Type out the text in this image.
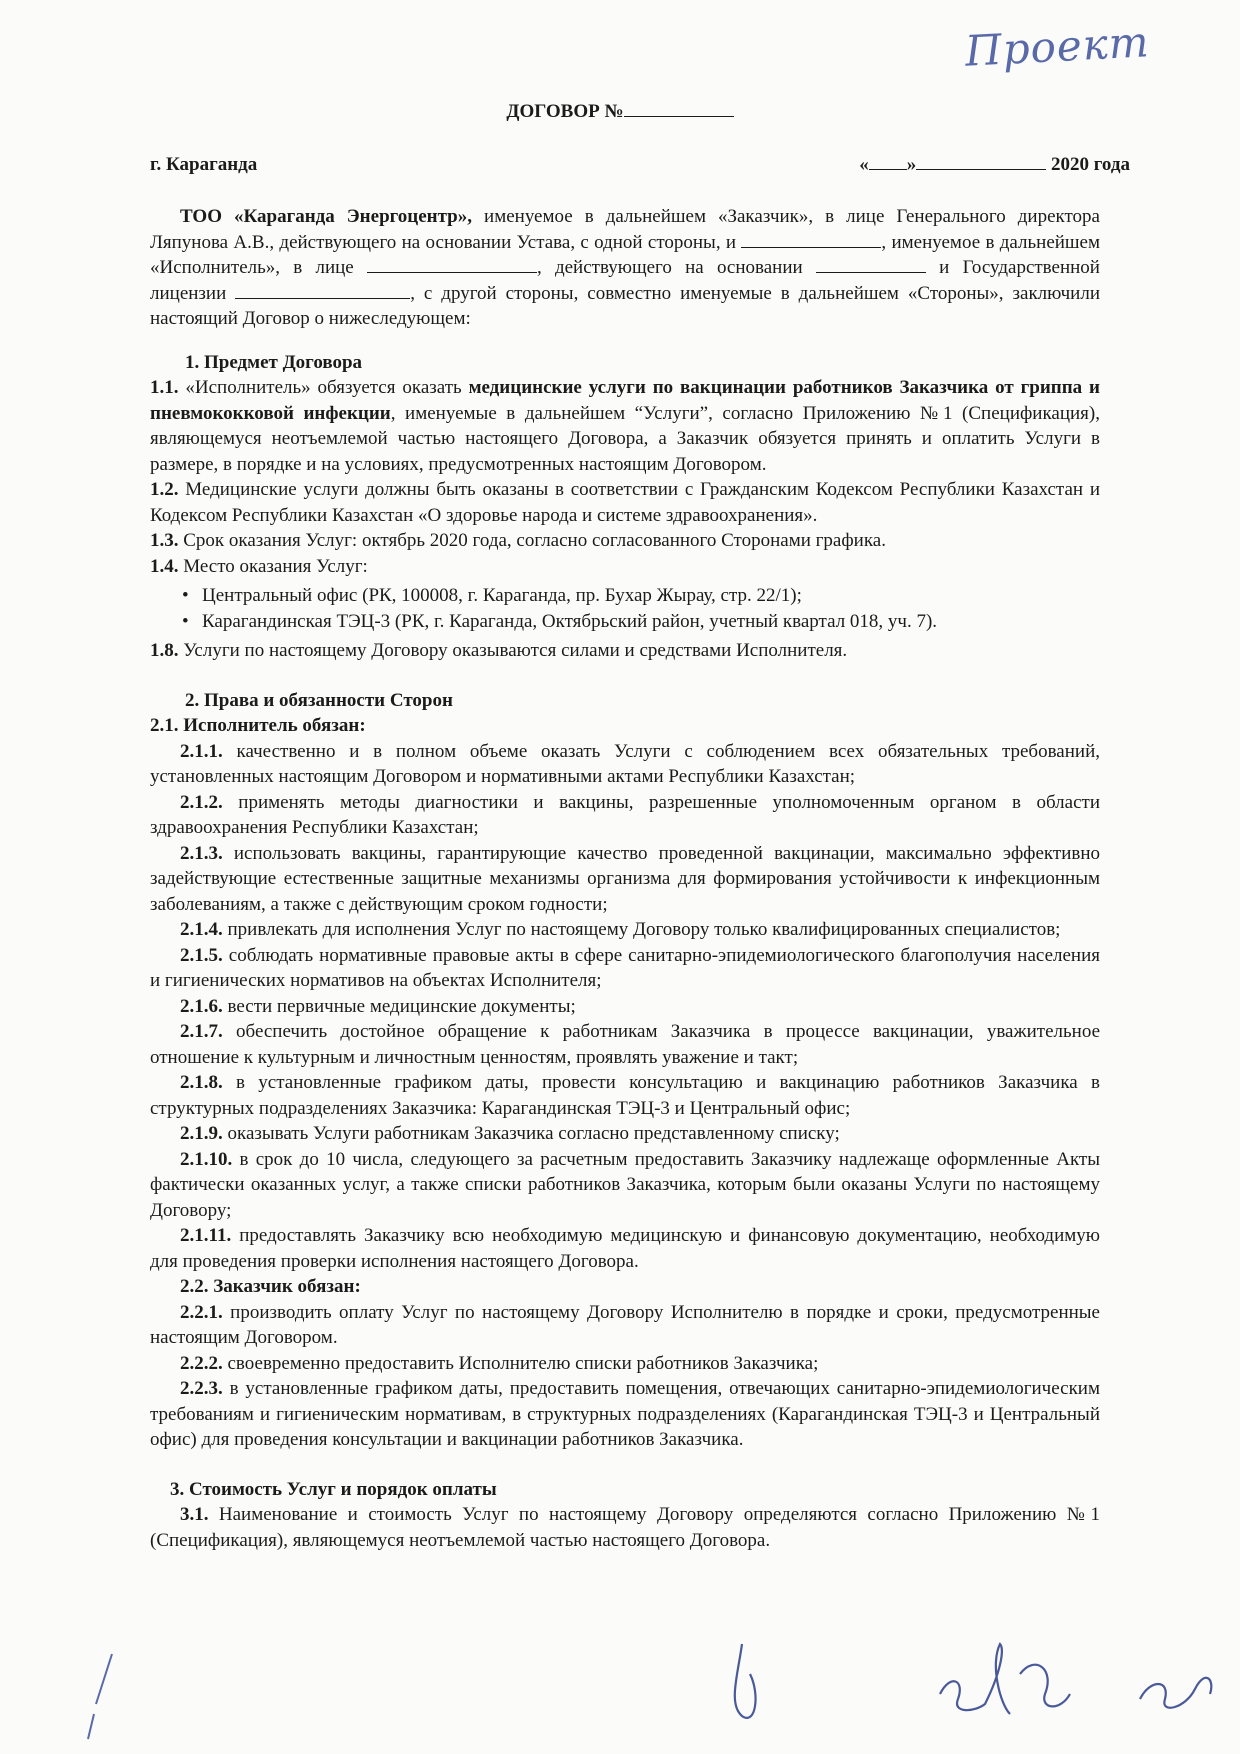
Проект
ДОГОВОР №
г. Караганда	« »	2020 года

ТОО «Караганда Энергоцентр», именуемое в дальнейшем «Заказчик», в лице Генерального директора Ляпунова А.В., действующего на основании Устава, с одной стороны, и	, именуемое в дальнейшем «Исполнитель», в лице	, действующего на основании	и Государственной лицензии	, с другой стороны, совместно именуемые в дальнейшем «Стороны», заключили настоящий Договор о нижеследующем:

1. Предмет Договора

1.1. «Исполнитель» обязуется оказать медицинские услуги по вакцинации работников Заказчика от гриппа и пневмококковой инфекции, именуемые в дальнейшем “Услуги”, согласно Приложению №1 (Спецификация), являющемуся неотъемлемой частью настоящего Договора, а Заказчик обязуется принять и оплатить Услуги в размере, в порядке и на условиях, предусмотренных настоящим Договором.

1.2. Медицинские услуги должны быть оказаны в соответствии с Гражданским Кодексом Республики Казахстан и Кодексом Республики Казахстан «О здоровье народа и системе здравоохранения».

1.3. Срок оказания Услуг: октябрь 2020 года, согласно согласованного Сторонами графика.

1.4. Место оказания Услуг:

• Центральный офис (РК, 100008, г. Караганда, пр. Бухар Жырау, стр. 22/1);
• Карагандинская ТЭЦ-3 (РК, г. Караганда, Октябрьский район, учетный квартал 018, уч. 7).

1.8. Услуги по настоящему Договору оказываются силами и средствами Исполнителя.

2. Права и обязанности Сторон
2.1. Исполнитель обязан:

2.1.1. качественно и в полном объеме оказать Услуги с соблюдением всех обязательных требований, установленных настоящим Договором и нормативными актами Республики Казахстан;

2.1.2. применять методы диагностики и вакцины, разрешенные уполномоченным органом в области здравоохранения Республики Казахстан;

2.1.3. использовать вакцины, гарантирующие качество проведенной вакцинации, максимально эффективно задействующие естественные защитные механизмы организма для формирования устойчивости к инфекционным заболеваниям, а также с действующим сроком годности;

2.1.4. привлекать для исполнения Услуг по настоящему Договору только квалифицированных специалистов;

2.1.5. соблюдать нормативные правовые акты в сфере санитарно-эпидемиологического благополучия населения и гигиенических нормативов на объектах Исполнителя;

2.1.6. вести первичные медицинские документы;

2.1.7. обеспечить достойное обращение к работникам Заказчика в процессе вакцинации, уважительное отношение к культурным и личностным ценностям, проявлять уважение и такт;

2.1.8. в установленные графиком даты, провести консультацию и вакцинацию работников Заказчика в структурных подразделениях Заказчика: Карагандинская ТЭЦ-3 и Центральный офис;

2.1.9. оказывать Услуги работникам Заказчика согласно представленному списку;

2.1.10. в срок до 10 числа, следующего за расчетным предоставить Заказчику надлежаще оформленные Акты фактически оказанных услуг, а также списки работников Заказчика, которым были оказаны Услуги по настоящему Договору;

2.1.11. предоставлять Заказчику всю необходимую медицинскую и финансовую документацию, необходимую для проведения проверки исполнения настоящего Договора.

2.2. Заказчик обязан:

2.2.1. производить оплату Услуг по настоящему Договору Исполнителю в порядке и сроки, предусмотренные настоящим Договором.

2.2.2. своевременно предоставить Исполнителю списки работников Заказчика;

2.2.3. в установленные графиком даты, предоставить помещения, отвечающих санитарно-эпидемиологическим требованиям и гигиеническим нормативам, в структурных подразделениях (Карагандинская ТЭЦ-3 и Центральный офис) для проведения консультации и вакцинации работников Заказчика.

3. Стоимость Услуг и порядок оплаты

3.1. Наименование и стоимость Услуг по настоящему Договору определяются согласно Приложению №1 (Спецификация), являющемуся неотъемлемой частью настоящего Договора.
